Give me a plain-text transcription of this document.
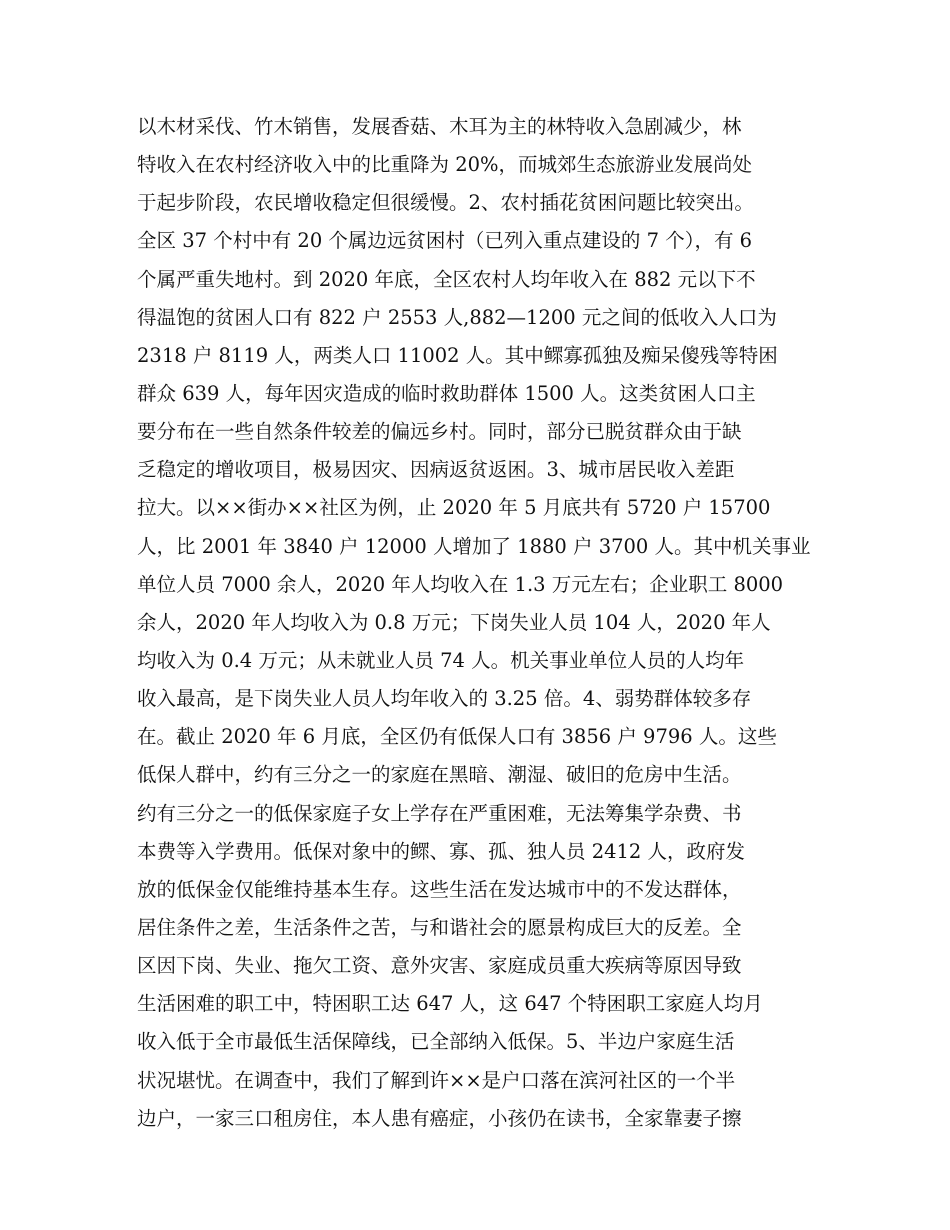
以木材采伐、竹木销售，发展香菇、木耳为主的林特收入急剧减少，林
特收入在农村经济收入中的比重降为 20%，而城郊生态旅游业发展尚处
于起步阶段，农民增收稳定但很缓慢。2、农村插花贫困问题比较突出。
全区 37 个村中有 20 个属边远贫困村（已列入重点建设的 7 个），有 6
个属严重失地村。到 2020 年底，全区农村人均年收入在 882 元以下不
得温饱的贫困人口有 822 户 2553 人,882—1200 元之间的低收入人口为
2318 户 8119 人，两类人口 11002 人。其中鳏寡孤独及痴呆傻残等特困
群众 639 人，每年因灾造成的临时救助群体 1500 人。这类贫困人口主
要分布在一些自然条件较差的偏远乡村。同时，部分已脱贫群众由于缺
乏稳定的增收项目，极易因灾、因病返贫返困。3、城市居民收入差距
拉大。以××街办××社区为例，止 2020 年 5 月底共有 5720 户 15700
人，比 2001 年 3840 户 12000 人增加了 1880 户 3700 人。其中机关事业
单位人员 7000 余人，2020 年人均收入在 1.3 万元左右；企业职工 8000
余人，2020 年人均收入为 0.8 万元；下岗失业人员 104 人，2020 年人
均收入为 0.4 万元；从未就业人员 74 人。机关事业单位人员的人均年
收入最高，是下岗失业人员人均年收入的 3.25 倍。4、弱势群体较多存
在。截止 2020 年 6 月底，全区仍有低保人口有 3856 户 9796 人。这些
低保人群中，约有三分之一的家庭在黑暗、潮湿、破旧的危房中生活。
约有三分之一的低保家庭子女上学存在严重困难，无法筹集学杂费、书
本费等入学费用。低保对象中的鳏、寡、孤、独人员 2412 人，政府发
放的低保金仅能维持基本生存。这些生活在发达城市中的不发达群体，
居住条件之差，生活条件之苦，与和谐社会的愿景构成巨大的反差。全
区因下岗、失业、拖欠工资、意外灾害、家庭成员重大疾病等原因导致
生活困难的职工中，特困职工达 647 人，这 647 个特困职工家庭人均月
收入低于全市最低生活保障线，已全部纳入低保。5、半边户家庭生活
状况堪忧。在调查中，我们了解到许××是户口落在滨河社区的一个半
边户，一家三口租房住，本人患有癌症，小孩仍在读书，全家靠妻子擦
